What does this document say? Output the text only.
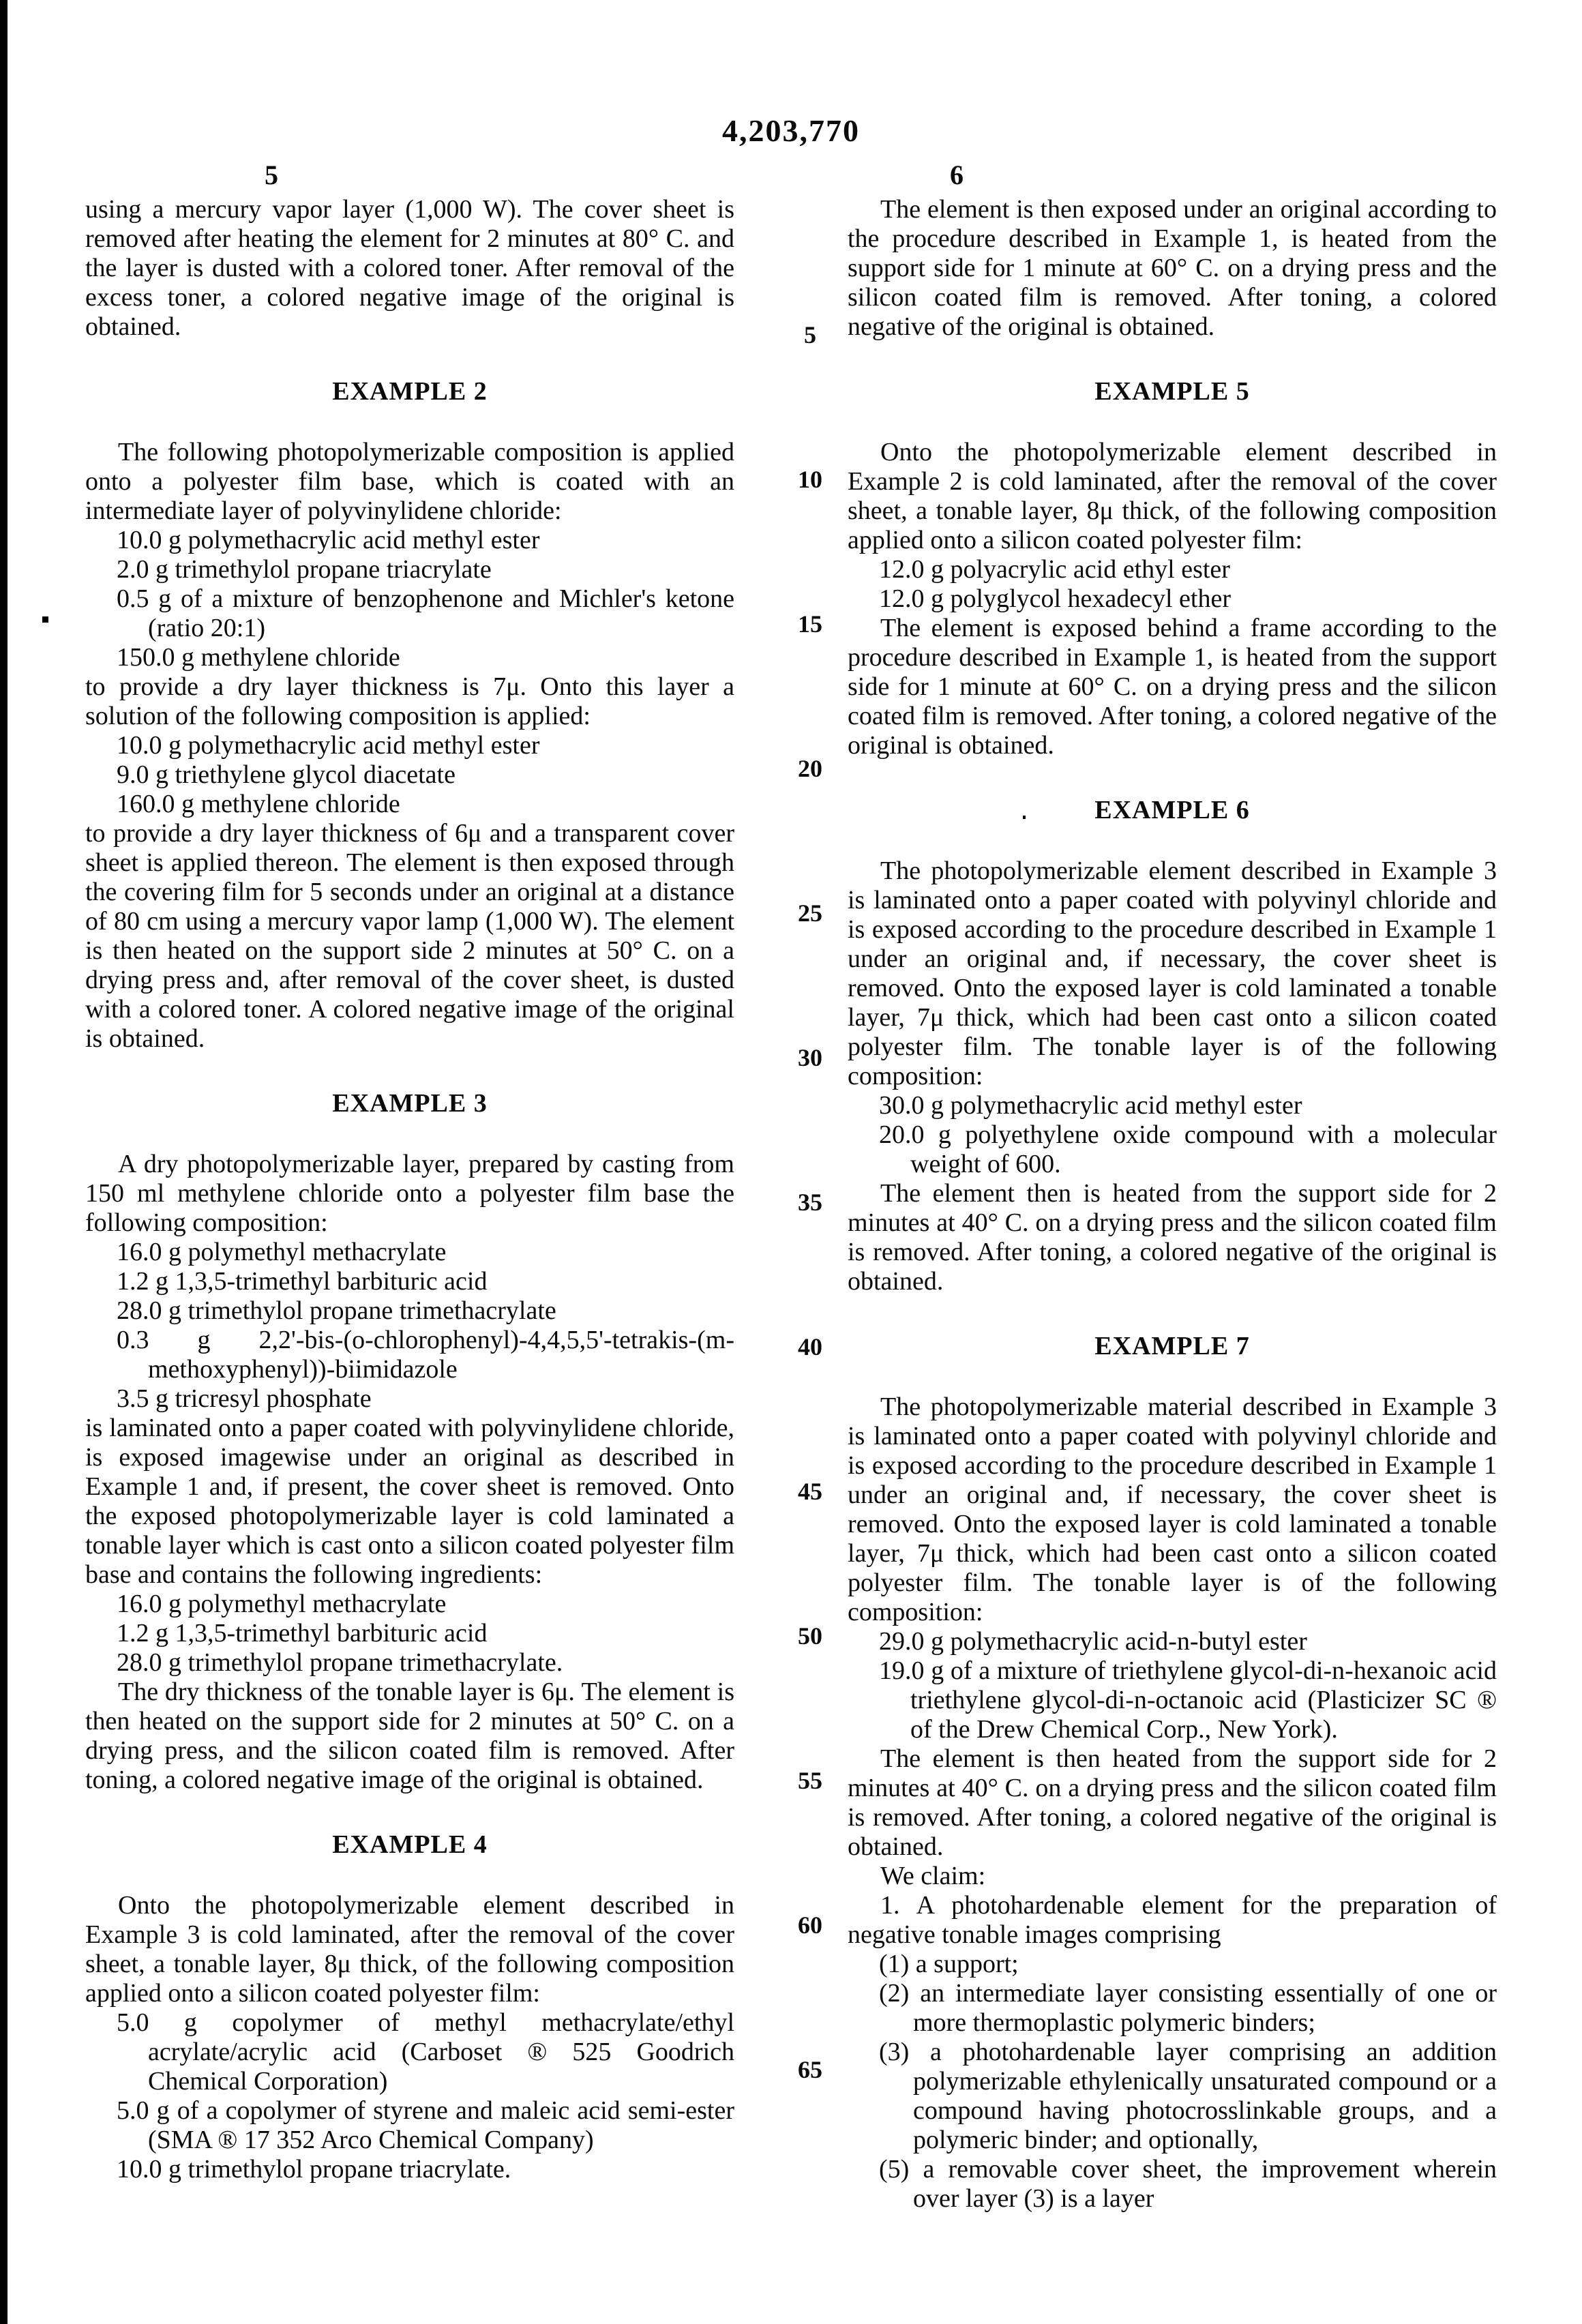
4,203,770
5	6
using a mercury vapor layer (1,000 W). The cover sheet is removed after heating the element for 2 minutes at 80° C. and the layer is dusted with a colored toner. After removal of the excess toner, a colored negative image of the original is obtained.
EXAMPLE 2
The following photopolymerizable composition is applied onto a polyester film base, which is coated with an intermediate layer of polyvinylidene chloride:
10.0 g polymethacrylic acid methyl ester
2.0 g trimethylol propane triacrylate
0.5 g of a mixture of benzophenone and Michler's ketone (ratio 20:1)
150.0 g methylene chloride
to provide a dry layer thickness is 7μ. Onto this layer a solution of the following composition is applied:
10.0 g polymethacrylic acid methyl ester
9.0 g triethylene glycol diacetate
160.0 g methylene chloride
to provide a dry layer thickness of 6μ and a transparent cover sheet is applied thereon. The element is then exposed through the covering film for 5 seconds under an original at a distance of 80 cm using a mercury vapor lamp (1,000 W). The element is then heated on the support side 2 minutes at 50° C. on a drying press and, after removal of the cover sheet, is dusted with a colored toner. A colored negative image of the original is obtained.
EXAMPLE 3
A dry photopolymerizable layer, prepared by casting from 150 ml methylene chloride onto a polyester film base the following composition:
16.0 g polymethyl methacrylate
1.2 g 1,3,5-trimethyl barbituric acid
28.0 g trimethylol propane trimethacrylate
0.3 g 2,2'-bis-(o-chlorophenyl)-4,4,5,5'-tetrakis-(m-methoxyphenyl))-biimidazole
3.5 g tricresyl phosphate
is laminated onto a paper coated with polyvinylidene chloride, is exposed imagewise under an original as described in Example 1 and, if present, the cover sheet is removed. Onto the exposed photopolymerizable layer is cold laminated a tonable layer which is cast onto a silicon coated polyester film base and contains the following ingredients:
16.0 g polymethyl methacrylate
1.2 g 1,3,5-trimethyl barbituric acid
28.0 g trimethylol propane trimethacrylate.
The dry thickness of the tonable layer is 6μ. The element is then heated on the support side for 2 minutes at 50° C. on a drying press, and the silicon coated film is removed. After toning, a colored negative image of the original is obtained.
EXAMPLE 4
Onto the photopolymerizable element described in Example 3 is cold laminated, after the removal of the cover sheet, a tonable layer, 8μ thick, of the following composition applied onto a silicon coated polyester film:
5.0 g copolymer of methyl methacrylate/ethyl acrylate/acrylic acid (Carboset ® 525 Goodrich Chemical Corporation)
5.0 g of a copolymer of styrene and maleic acid semi-ester (SMA ® 17 352 Arco Chemical Company)
10.0 g trimethylol propane triacrylate.
The element is then exposed under an original according to the procedure described in Example 1, is heated from the support side for 1 minute at 60° C. on a drying press and the silicon coated film is removed. After toning, a colored negative of the original is obtained.
EXAMPLE 5
Onto the photopolymerizable element described in Example 2 is cold laminated, after the removal of the cover sheet, a tonable layer, 8μ thick, of the following composition applied onto a silicon coated polyester film:
12.0 g polyacrylic acid ethyl ester
12.0 g polyglycol hexadecyl ether
The element is exposed behind a frame according to the procedure described in Example 1, is heated from the support side for 1 minute at 60° C. on a drying press and the silicon coated film is removed. After toning, a colored negative of the original is obtained.
EXAMPLE 6
The photopolymerizable element described in Example 3 is laminated onto a paper coated with polyvinyl chloride and is exposed according to the procedure described in Example 1 under an original and, if necessary, the cover sheet is removed. Onto the exposed layer is cold laminated a tonable layer, 7μ thick, which had been cast onto a silicon coated polyester film. The tonable layer is of the following composition:
30.0 g polymethacrylic acid methyl ester
20.0 g polyethylene oxide compound with a molecular weight of 600.
The element then is heated from the support side for 2 minutes at 40° C. on a drying press and the silicon coated film is removed. After toning, a colored negative of the original is obtained.
EXAMPLE 7
The photopolymerizable material described in Example 3 is laminated onto a paper coated with polyvinyl chloride and is exposed according to the procedure described in Example 1 under an original and, if necessary, the cover sheet is removed. Onto the exposed layer is cold laminated a tonable layer, 7μ thick, which had been cast onto a silicon coated polyester film. The tonable layer is of the following composition:
29.0 g polymethacrylic acid-n-butyl ester
19.0 g of a mixture of triethylene glycol-di-n-hexanoic acid triethylene glycol-di-n-octanoic acid (Plasticizer SC ® of the Drew Chemical Corp., New York).
The element is then heated from the support side for 2 minutes at 40° C. on a drying press and the silicon coated film is removed. After toning, a colored negative of the original is obtained.
We claim:
1. A photohardenable element for the preparation of negative tonable images comprising
(1) a support;
(2) an intermediate layer consisting essentially of one or more thermoplastic polymeric binders;
(3) a photohardenable layer comprising an addition polymerizable ethylenically unsaturated compound or a compound having photocrosslinkable groups, and a polymeric binder; and optionally,
(5) a removable cover sheet, the improvement wherein over layer (3) is a layer
5
10
15
20
25
30
35
40
45
50
55
60
65
